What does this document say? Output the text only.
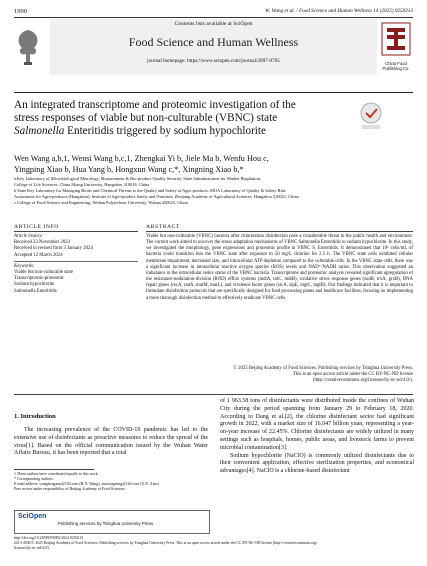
1990	W. Wang et al. / Food Science and Human Wellness 14 (2025) 9250213
Contents lists available at SciOpen
Food Science and Human Wellness
journal homepage: https://www.sciopen.com/journal/2097-0765	China Food
Publishing Co.
An integrated transcriptome and proteomic investigation of the
stress responses of viable but non-culturable (VBNC) state
Salmonella Enteritidis triggered by sodium hypochlorite
Wen Wang a,b,1, Wensi Wang b,c,1, Zhengkai Yi b, Jiele Ma b, Wenfu Hou c,
Yingping Xiao b, Hua Yang b, Hongxun Wang c,*, Xingning Xiao b,*

a Key Laboratory of Microbiological Metrology, Measurement & Bio-product Quality Security, State Administration for Market Regulation,

College of Life Sciences, China Jiliang University, Hangzhou 310018, China

b State Key Laboratory for Managing Biotic and Chemical Threats to the Quality and Safety of Agro-products, MOA Laboratory of Quality & Safety Risk

Assessment for Agro-products (Hangzhou), Institute of Agro-product Safety and Nutrition, Zhejiang Academy of Agricultural Sciences, Hangzhou 310021, China

c College of Food Science and Engineering, Wuhan Polytechnic University, Wuhan 430023, China

ARTICLE INFO	ABSTRACT

Article history:

Received 23 November 2023

Received in revised form 3 January 2024

Accepted 12 March 2024

Keywords:

Viable but non-culturable state

Transcriptomic-proteomic

Sodium hypochlorite

Salmonella Enteritidis

Viable but non-culturable (VBNC) bacteria after chlorination disinfection pose a considerable threat to the public health and environment. The current work aimed to uncover the stress adaptation mechanisms of VBNC Salmonella Enteritidis to sodium hypochlorite. In this study, we investigated the morphology, gene expressions and proteomic profile in VBNC S. Enteritidis. It demonstrated that 10⁶ cells/mL of bacteria could transition into the VBNC state after exposure to 50 mg/L chlorine for 2.5 h. The VBNC state cells exhibited cellular membrane impairment, decreased size, and intracellular ATP depletion compared to the culturable cells. In the VBNC state cells, there was a significant increase in intracellular reactive oxygen species (ROS) levels and NAD⁺/NADH ratios. This observation suggested an imbalance in the intracellular redox status of the VBNC bacteria. Transcriptome and proteomic analysis revealed significant upregulation of the resistance-nodulation-division (RND) efflux systems (mdtA, tolC, mdtB), oxidative stress response genes (sodB, trxA, grxB), DNA repair genes (recA, radA, mutM, mutL), and virulence factor genes (sicA, sipE, mgtC, mgtB). Our findings indicated that it is important to formulate disinfection protocols that are specifically designed for food processing plants and healthcare facilities, focusing on implementing a more thorough disinfection method to effectively eradicate VBNC cells.
© 2025 Beijing Academy of Food Sciences. Publishing services by Tsinghua University Press.
This is an open access article under the CC BY-NC-ND license
(http://creativecommons.org/licenses/by-nc-nd/4.0/).
1. Introduction
The increasing prevalence of the COVID-19 pandemic has led to the extensive use of disinfectants as proactive measures to reduce the spread of the virus[1]. Based on the official communication issued by the Wuhan Water Affairs Bureau, it has been reported that a total

of 1 963.58 tons of disinfectants were distributed inside the confines of Wuhan City during the period spanning from January 29 to February 18, 2020. According to Dang et al.[2], the chlorine disinfectant sector had significant growth in 2022, with a market size of 16.047 billion yuan, representing a year-on-year increase of 22.45%. Chlorine disinfectants are widely utilized in many settings such as hospitals, homes, public areas, and livestock farms to prevent microbial contamination[3].

Sodium hypochlorite (NaClO) is commonly utilized disinfectants due to their convenient application, effective sterilization properties, and economical advantages[4]. NaClO is a chlorine-based disinfectant

1 These authors have contributed equally to this work.

* Corresponding authors.

E-mail address: wanghongxun@163.com (H.X. Wang); xiaoxingning@126.com (X.N. Xiao)

Peer review under responsibility of Beijing Academy of Food Sciences.

SciOpen
Publishing services by Tsinghua University Press

http://doi.org/10.26599/FSHW.2024.9250213

2213-4530/© 2025 Beijing Academy of Food Sciences. Publishing services by Tsinghua University Press. This is an open access article under the CC BY-NC-ND license (http://creativecommons.org/

licenses/by-nc-nd/4.0/).
